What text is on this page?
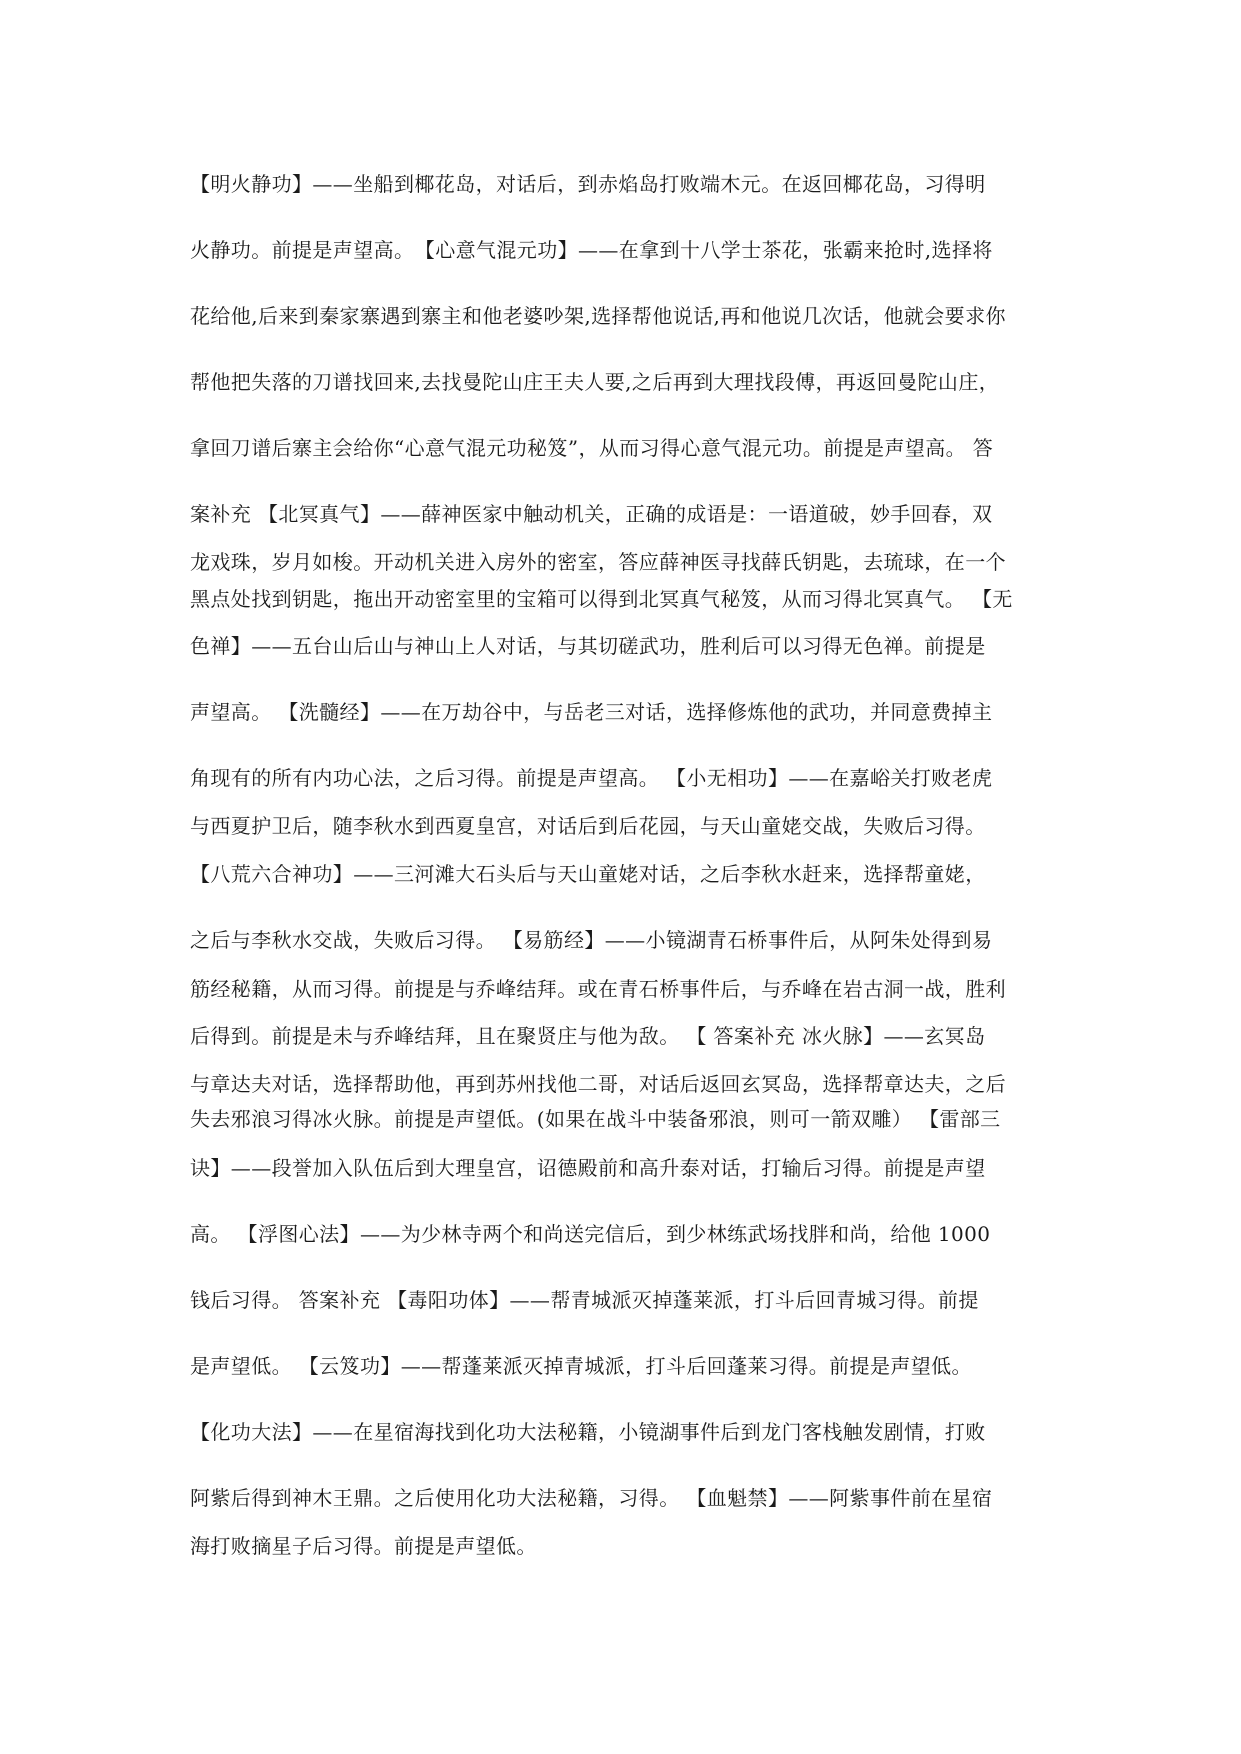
【明火静功】——坐船到椰花岛，对话后，到赤焰岛打败端木元。在返回椰花岛，习得明
火静功。前提是声望高。　【心意气混元功】——在拿到十八学士茶花，张霸来抢时,选择将
花给他,后来到秦家寨遇到寨主和他老婆吵架,选择帮他说话,再和他说几次话，他就会要求你
帮他把失落的刀谱找回来,去找曼陀山庄王夫人要,之后再到大理找段傅，再返回曼陀山庄，
拿回刀谱后寨主会给你“心意气混元功秘笈”，从而习得心意气混元功。前提是声望高。 答
案补充 【北冥真气】——薛神医家中触动机关，正确的成语是：一语道破，妙手回春，双
龙戏珠，岁月如梭。开动机关进入房外的密室，答应薛神医寻找薛氏钥匙，去琉球，在一个
黑点处找到钥匙，拖出开动密室里的宝箱可以得到北冥真气秘笈，从而习得北冥真气。 【无
色禅】——五台山后山与神山上人对话，与其切磋武功，胜利后可以习得无色禅。前提是
声望高。 【洗髓经】——在万劫谷中，与岳老三对话，选择修炼他的武功，并同意费掉主
角现有的所有内功心法，之后习得。前提是声望高。 【小无相功】——在嘉峪关打败老虎
与西夏护卫后，随李秋水到西夏皇宫，对话后到后花园，与天山童姥交战，失败后习得。
【八荒六合神功】——三河滩大石头后与天山童姥对话，之后李秋水赶来，选择帮童姥，
之后与李秋水交战，失败后习得。 【易筋经】——小镜湖青石桥事件后，从阿朱处得到易
筋经秘籍，从而习得。前提是与乔峰结拜。或在青石桥事件后，与乔峰在岩古洞一战，胜利
后得到。前提是未与乔峰结拜，且在聚贤庄与他为敌。 【 答案补充 冰火脉】——玄冥岛
与章达夫对话，选择帮助他，再到苏州找他二哥，对话后返回玄冥岛，选择帮章达夫，之后
失去邪浪习得冰火脉。前提是声望低。(如果在战斗中装备邪浪，则可一箭双雕） 【雷部三
诀】——段誉加入队伍后到大理皇宫，诏德殿前和高升泰对话，打输后习得。前提是声望
高。 【浮图心法】——为少林寺两个和尚送完信后，到少林练武场找胖和尚，给他 1000
钱后习得。 答案补充 【毒阳功体】——帮青城派灭掉蓬莱派，打斗后回青城习得。前提
是声望低。 【云笈功】——帮蓬莱派灭掉青城派，打斗后回蓬莱习得。前提是声望低。
【化功大法】——在星宿海找到化功大法秘籍，小镜湖事件后到龙门客栈触发剧情，打败
阿紫后得到神木王鼎。之后使用化功大法秘籍，习得。 【血魁禁】——阿紫事件前在星宿
海打败摘星子后习得。前提是声望低。
